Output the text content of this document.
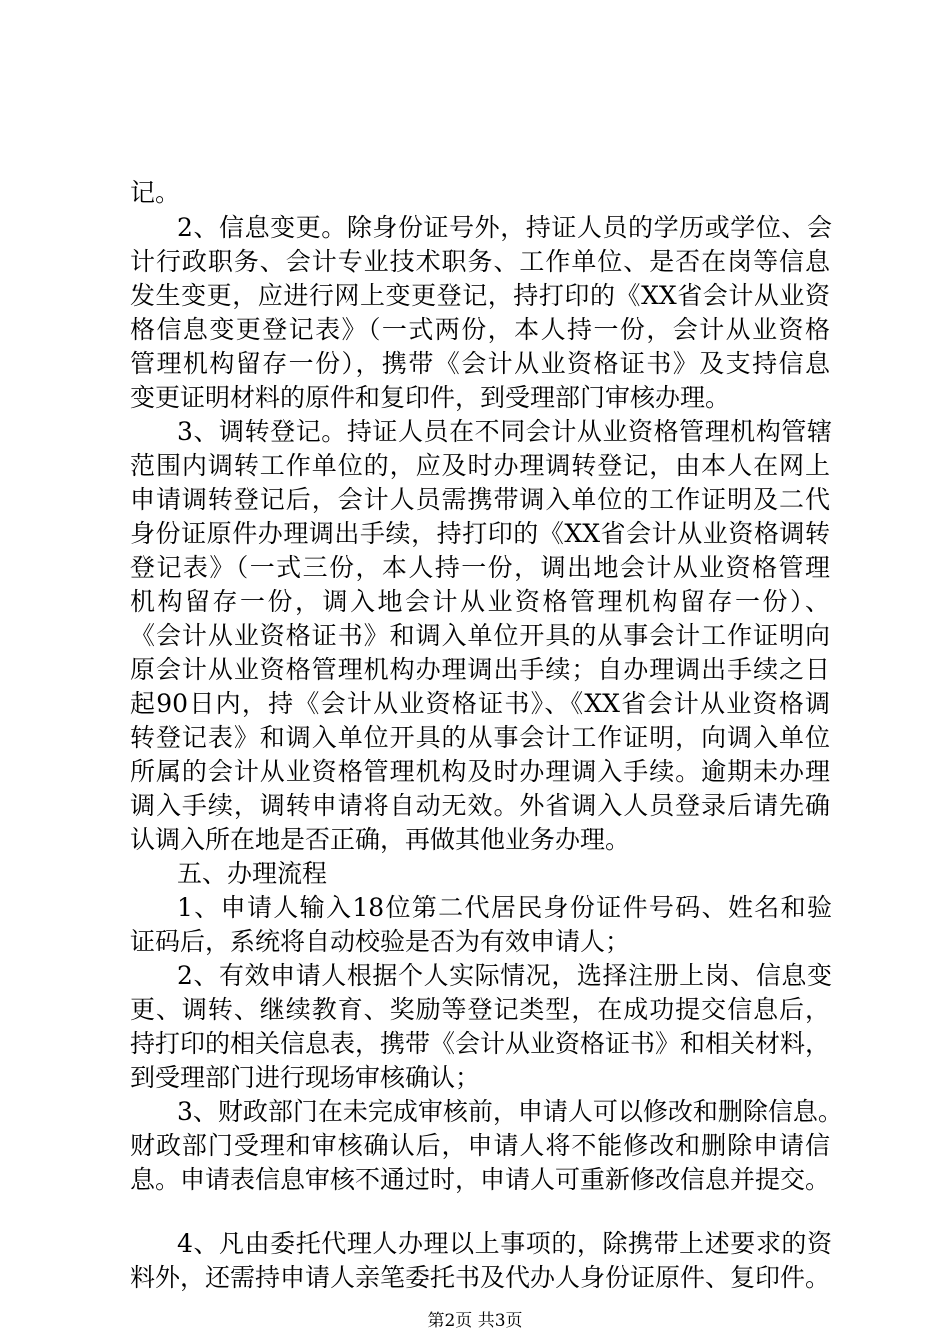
记。
2、信息变更。除身份证号外，持证人员的学历或学位、会
计行政职务、会计专业技术职务、工作单位、是否在岗等信息
发生变更，应进行网上变更登记，持打印的《XX省会计从业资
格信息变更登记表》（一式两份，本人持一份，会计从业资格
管理机构留存一份），携带《会计从业资格证书》及支持信息
变更证明材料的原件和复印件，到受理部门审核办理。
3、调转登记。持证人员在不同会计从业资格管理机构管辖
范围内调转工作单位的，应及时办理调转登记，由本人在网上
申请调转登记后，会计人员需携带调入单位的工作证明及二代
身份证原件办理调出手续，持打印的《XX省会计从业资格调转
登记表》（一式三份，本人持一份，调出地会计从业资格管理
机构留存一份，调入地会计从业资格管理机构留存一份）、
《会计从业资格证书》和调入单位开具的从事会计工作证明向
原会计从业资格管理机构办理调出手续；自办理调出手续之日
起90日内，持《会计从业资格证书》、《XX省会计从业资格调
转登记表》和调入单位开具的从事会计工作证明，向调入单位
所属的会计从业资格管理机构及时办理调入手续。逾期未办理
调入手续，调转申请将自动无效。外省调入人员登录后请先确
认调入所在地是否正确，再做其他业务办理。
五、办理流程
1、申请人输入18位第二代居民身份证件号码、姓名和验
证码后，系统将自动校验是否为有效申请人；
2、有效申请人根据个人实际情况，选择注册上岗、信息变
更、调转、继续教育、奖励等登记类型，在成功提交信息后，
持打印的相关信息表，携带《会计从业资格证书》和相关材料，
到受理部门进行现场审核确认；
3、财政部门在未完成审核前，申请人可以修改和删除信息。
财政部门受理和审核确认后，申请人将不能修改和删除申请信
息。申请表信息审核不通过时，申请人可重新修改信息并提交。
4、凡由委托代理人办理以上事项的，除携带上述要求的资
料外，还需持申请人亲笔委托书及代办人身份证原件、复印件。
第2页 共3页
